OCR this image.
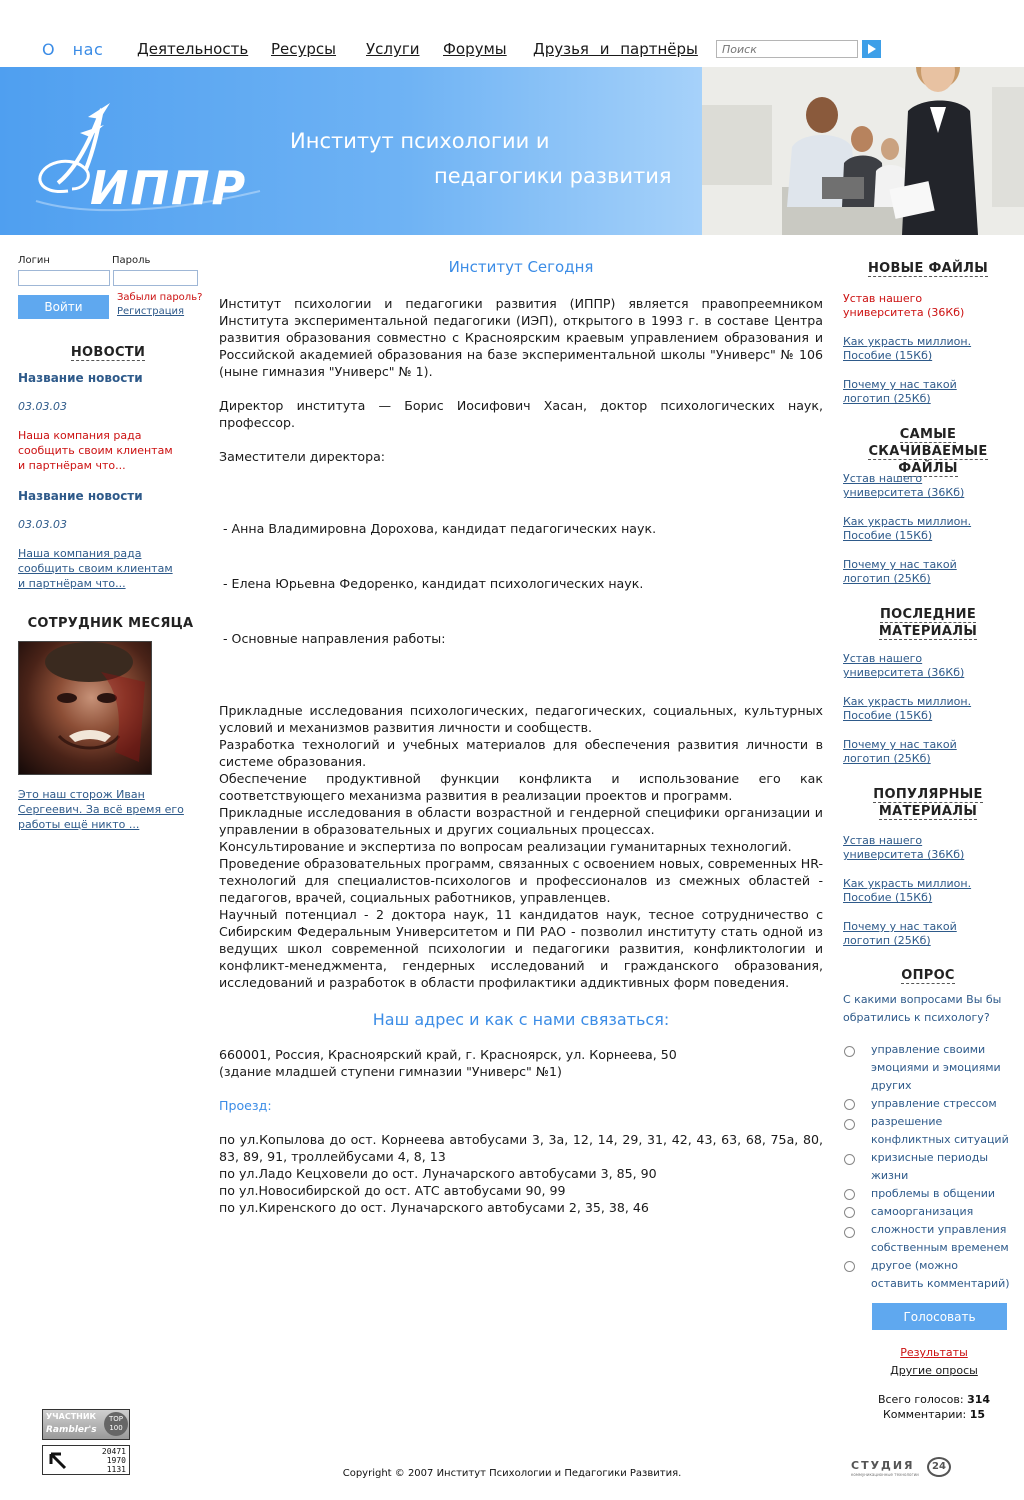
О нас Деятельность Ресурсы Услуги Форумы Друзья и партнёры
Поиск
ИППР
Институт психологии и
педагогики развития
Логин	Пароль
Войти
Забыли пароль?
Регистрация
НОВОСТИ
Название новости
03.03.03
Наша компания рада сообщить своим клиентам и партнёрам что...
Название новости
03.03.03
Наша компания рада сообщить своим клиентам и партнёрам что...
СОТРУДНИК МЕСЯЦА
Это наш сторож Иван Сергеевич. За всё время его работы ещё никто ...
УЧАСТНИК
Rambler's
TOP 100
20471
1970
1131
Институт Сегодня
Институт психологии и педагогики развития (ИППР) является правопреемником Института экспериментальной педагогики (ИЭП), открытого в 1993 г. в составе Центра развития образования совместно с Красноярским краевым управлением образования и Российской академией образования на базе экспериментальной школы "Универс" № 106 (ныне гимназия "Универс" № 1).
Директор института — Борис Иосифович Хасан, доктор психологических наук, профессор.
Заместители директора:

- Анна Владимировна Дорохова, кандидат педагогических наук.

- Елена Юрьевна Федоренко, кандидат психологических наук.

- Основные направления работы:

Прикладные исследования психологических, педагогических, социальных, культурных условий и механизмов развития личности и сообществ.
Разработка технологий и учебных материалов для обеспечения развития личности в системе образования.
Обеспечение продуктивной функции конфликта и использование его как соответствующего механизма развития в реализации проектов и программ.
Прикладные исследования в области возрастной и гендерной специфики организации и управлении в образовательных и других социальных процессах.
Консультирование и экспертиза по вопросам реализации гуманитарных технологий.
Проведение образовательных программ, связанных с освоением новых, современных HR-технологий для специалистов-психологов и профессионалов из смежных областей - педагогов, врачей, социальных работников, управленцев.
Научный потенциал - 2 доктора наук, 11 кандидатов наук, тесное сотрудничество с Сибирским Федеральным Университетом и ПИ РАО - позволил институту стать одной из ведущих школ современной психологии и педагогики развития, конфликтологии и конфликт-менеджмента, гендерных исследований и гражданского образования, исследований и разработок в области профилактики аддиктивных форм поведения.
Наш адрес и как с нами связаться:
660001, Россия, Красноярский край, г. Красноярск, ул. Корнеева, 50
(здание младшей ступени гимназии "Универс" №1)
Проезд:
по ул.Копылова до ост. Корнеева автобусами 3, 3а, 12, 14, 29, 31, 42, 43, 63, 68, 75а, 80, 83, 89, 91, троллейбусами 4, 8, 13
по ул.Ладо Кецховели до ост. Луначарского автобусами 3, 85, 90
по ул.Новосибирской до ост. АТС автобусами 90, 99
по ул.Киренского до ост. Луначарского автобусами 2, 35, 38, 46
НОВЫЕ ФАЙЛЫ
Устав нашего университета (36Кб)
Как украсть миллион. Пособие (15Кб)
Почему у нас такой логотип (25Кб)
САМЫЕ СКАЧИВАЕМЫЕ ФАЙЛЫ
Устав нашего университета (36Кб)
Как украсть миллион. Пособие (15Кб)
Почему у нас такой логотип (25Кб)
ПОСЛЕДНИЕ МАТЕРИАЛЫ
Устав нашего университета (36Кб)
Как украсть миллион. Пособие (15Кб)
Почему у нас такой логотип (25Кб)
ПОПУЛЯРНЫЕ МАТЕРИАЛЫ
Устав нашего университета (36Кб)
Как украсть миллион. Пособие (15Кб)
Почему у нас такой логотип (25Кб)
ОПРОС
С какими вопросами Вы бы обратились к психологу?
управление своими эмоциями и эмоциями других
управление стрессом
разрешение конфликтных ситуаций
кризисные периоды жизни
проблемы в общении
самоорганизация
сложности управления собственным временем
другое (можно оставить комментарий)
Голосовать
Результаты
Другие опросы
Всего голосов: 314
Комментарии: 15
Copyright © 2007 Институт Психологии и Педагогики Развития.
СТУДИЯ	24
коммуникационные технологии
